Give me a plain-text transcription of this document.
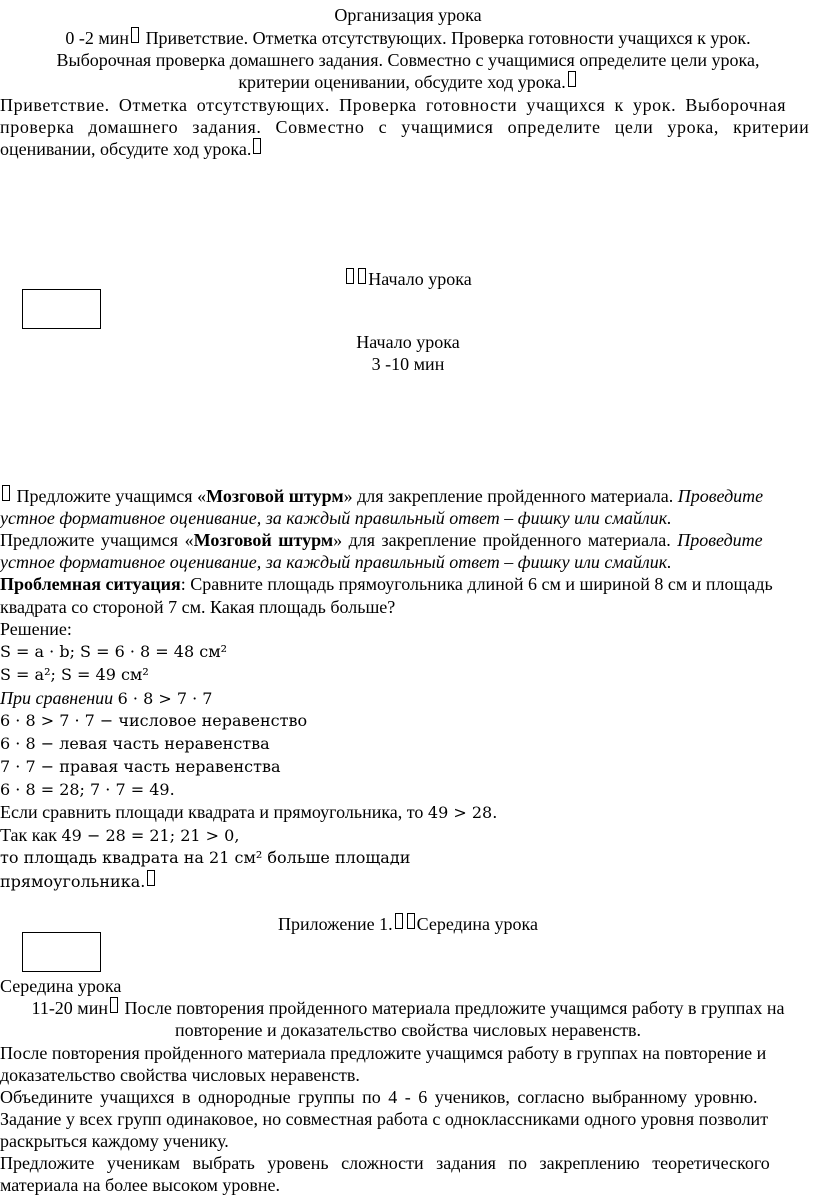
Организация урока
0 -2 мин Приветствие. Отметка отсутствующих. Проверка готовности учащихся к урок.
Выборочная проверка домашнего задания. Совместно с учащимися определите цели урока,
критерии оценивании, обсудите ход урока.
Приветствие. Отметка отсутствующих. Проверка готовности учащихся к урок. Выборочная
проверка домашнего задания. Совместно с учащимися определите цели урока, критерии
оценивании, обсудите ход урока.
Начало урока
Начало урока
3 -10 мин
Предложите учащимся «Мозговой штурм» для закрепление пройденного материала. Проведите
устное формативное оценивание, за каждый правильный ответ – фишку или смайлик.
Предложите учащимся «Мозговой штурм» для закрепление пройденного материала. Проведите
устное формативное оценивание, за каждый правильный ответ – фишку или смайлик.
Проблемная ситуация: Сравните площадь прямоугольника длиной 6 см и шириной 8 см и площадь
квадрата со стороной 7 см. Какая площадь больше?
Решение:
S = a · b; S = 6 · 8 = 48 см²
S = a²; S = 49 см²
При сравнении 6 · 8 > 7 · 7
6 · 8 > 7 · 7 − числовое неравенство
6 · 8 − левая часть неравенства
7 · 7 − правая часть неравенства
6 · 8 = 28; 7 · 7 = 49.
Если сравнить площади квадрата и прямоугольника, то 49 > 28.
Так как 49 − 28 = 21; 21 > 0,
то площадь квадрата на 21 см² больше площади
прямоугольника.
Приложение 1. Середина урока
Середина урока
11-20 мин После повторения пройденного материала предложите учащимся работу в группах на
повторение и доказательство свойства числовых неравенств.
После повторения пройденного материала предложите учащимся работу в группах на повторение и
доказательство свойства числовых неравенств.
Объедините учащихся в однородные группы по 4 - 6 учеников, согласно выбранному уровню.
Задание у всех групп одинаковое, но совместная работа с одноклассниками одного уровня позволит
раскрыться каждому ученику.
Предложите ученикам выбрать уровень сложности задания по закреплению теоретического
материала на более высоком уровне.
